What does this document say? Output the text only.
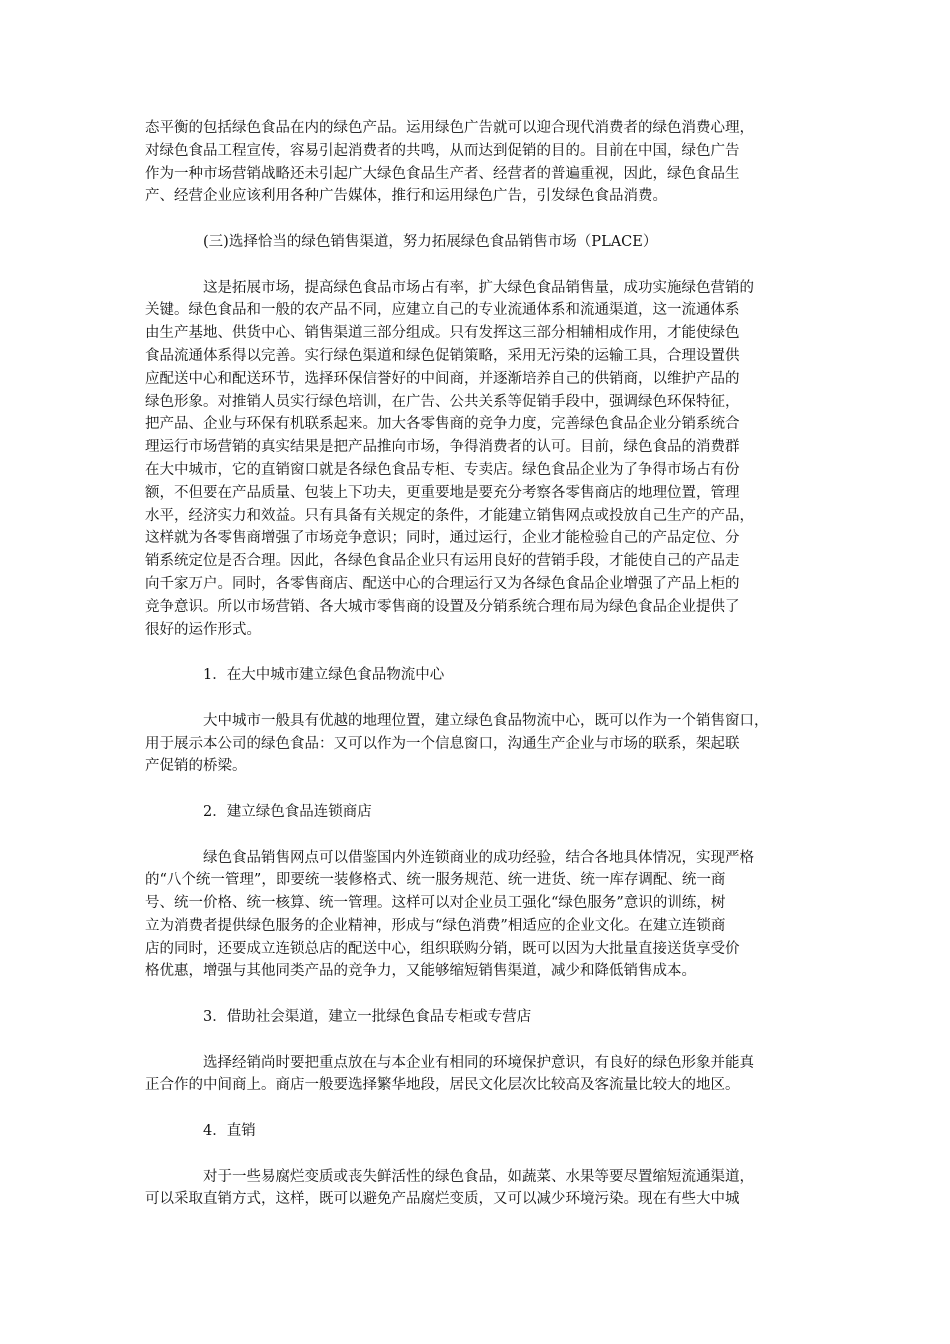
态平衡的包括绿色食品在内的绿色产品。运用绿色广告就可以迎合现代消费者的绿色消费心理，
对绿色食品工程宣传，容易引起消费者的共鸣，从而达到促销的目的。目前在中国，绿色广告
作为一种市场营销战略还未引起广大绿色食品生产者、经营者的普遍重视，因此，绿色食品生
产、经营企业应该利用各种广告媒体，推行和运用绿色广告，引发绿色食品消费。
(三)选择恰当的绿色销售渠道，努力拓展绿色食品销售市场（PLACE）
这是拓展市场，提高绿色食品市场占有率，扩大绿色食品销售量，成功实施绿色营销的
关键。绿色食品和一般的农产品不同，应建立自己的专业流通体系和流通渠道，这一流通体系
由生产基地、供货中心、销售渠道三部分组成。只有发挥这三部分相辅相成作用，才能使绿色
食品流通体系得以完善。实行绿色渠道和绿色促销策略，采用无污染的运输工具，合理设置供
应配送中心和配送环节，选择环保信誉好的中间商，并逐渐培养自己的供销商，以维护产品的
绿色形象。对推销人员实行绿色培训，在广告、公共关系等促销手段中，强调绿色环保特征，
把产品、企业与环保有机联系起来。加大各零售商的竞争力度，完善绿色食品企业分销系统合
理运行市场营销的真实结果是把产品推向市场，争得消费者的认可。目前，绿色食品的消费群
在大中城市，它的直销窗口就是各绿色食品专柜、专卖店。绿色食品企业为了争得市场占有份
额，不但要在产品质量、包装上下功夫，更重要地是要充分考察各零售商店的地理位置，管理
水平，经济实力和效益。只有具备有关规定的条件，才能建立销售网点或投放自己生产的产品，
这样就为各零售商增强了市场竞争意识；同时，通过运行，企业才能检验自己的产品定位、分
销系统定位是否合理。因此，各绿色食品企业只有运用良好的营销手段，才能使自己的产品走
向千家万户。同时，各零售商店、配送中心的合理运行又为各绿色食品企业增强了产品上柜的
竞争意识。所以市场营销、各大城市零售商的设置及分销系统合理布局为绿色食品企业提供了
很好的运作形式。
1．在大中城市建立绿色食品物流中心
大中城市一般具有优越的地理位置，建立绿色食品物流中心，既可以作为一个销售窗口，
用于展示本公司的绿色食品：又可以作为一个信息窗口，沟通生产企业与市场的联系，架起联
产促销的桥梁。
2．建立绿色食品连锁商店
绿色食品销售网点可以借鉴国内外连锁商业的成功经验，结合各地具体情况，实现严格
的“八个统一管理”，即要统一装修格式、统一服务规范、统一进货、统一库存调配、统一商
号、统一价格、统一核算、统一管理。这样可以对企业员工强化“绿色服务”意识的训练，树
立为消费者提供绿色服务的企业精神，形成与“绿色消费”相适应的企业文化。在建立连锁商
店的同时，还要成立连锁总店的配送中心，组织联购分销，既可以因为大批量直接送货享受价
格优惠，增强与其他同类产品的竞争力，又能够缩短销售渠道，减少和降低销售成本。
3．借助社会渠道，建立一批绿色食品专柜或专营店
选择经销尚时要把重点放在与本企业有相同的环境保护意识，有良好的绿色形象并能真
正合作的中间商上。商店一般要选择繁华地段，居民文化层次比较高及客流量比较大的地区。
4．直销
对于一些易腐烂变质或丧失鲜活性的绿色食品，如蔬菜、水果等要尽置缩短流通渠道，
可以采取直销方式，这样，既可以避免产品腐烂变质，又可以减少环境污染。现在有些大中城
